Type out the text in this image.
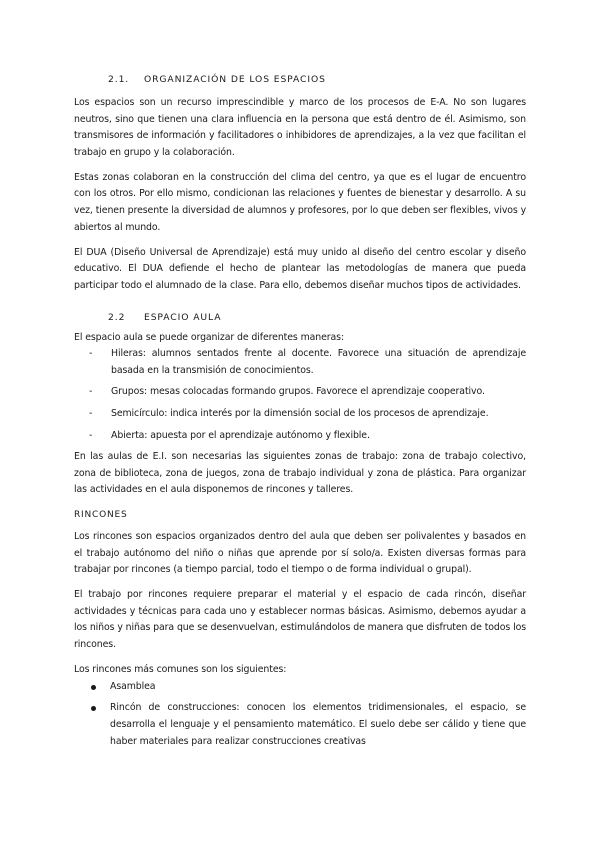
2.1.	ORGANIZACIÓN DE LOS ESPACIOS

Los espacios son un recurso imprescindible y marco de los procesos de E-A. No son lugares neutros, sino que tienen una clara influencia en la persona que está dentro de él. Asimismo, son transmisores de información y facilitadores o inhibidores de aprendizajes, a la vez que facilitan el trabajo en grupo y la colaboración.

Estas zonas colaboran en la construcción del clima del centro, ya que es el lugar de encuentro con los otros. Por ello mismo, condicionan las relaciones y fuentes de bienestar y desarrollo. A su vez, tienen presente la diversidad de alumnos y profesores, por lo que deben ser flexibles, vivos y abiertos al mundo.

El DUA (Diseño Universal de Aprendizaje) está muy unido al diseño del centro escolar y diseño educativo. El DUA defiende el hecho de plantear las metodologías de manera que pueda participar todo el alumnado de la clase. Para ello, debemos diseñar muchos tipos de actividades.

2.2	ESPACIO AULA

El espacio aula se puede organizar de diferentes maneras:

- Hileras: alumnos sentados frente al docente. Favorece una situación de aprendizaje basada en la transmisión de conocimientos.
- Grupos: mesas colocadas formando grupos. Favorece el aprendizaje cooperativo.
- Semicírculo: indica interés por la dimensión social de los procesos de aprendizaje.
- Abierta: apuesta por el aprendizaje autónomo y flexible.

En las aulas de E.I. son necesarias las siguientes zonas de trabajo: zona de trabajo colectivo, zona de biblioteca, zona de juegos, zona de trabajo individual y zona de plástica. Para organizar las actividades en el aula disponemos de rincones y talleres.

RINCONES

Los rincones son espacios organizados dentro del aula que deben ser polivalentes y basados en el trabajo autónomo del niño o niñas que aprende por sí solo/a. Existen diversas formas para trabajar por rincones (a tiempo parcial, todo el tiempo o de forma individual o grupal).

El trabajo por rincones requiere preparar el material y el espacio de cada rincón, diseñar actividades y técnicas para cada uno y establecer normas básicas. Asimismo, debemos ayudar a los niños y niñas para que se desenvuelvan, estimulándolos de manera que disfruten de todos los rincones.

Los rincones más comunes son los siguientes:

Asamblea
Rincón de construcciones: conocen los elementos tridimensionales, el espacio, se desarrolla el lenguaje y el pensamiento matemático. El suelo debe ser cálido y tiene que haber materiales para realizar construcciones creativas
